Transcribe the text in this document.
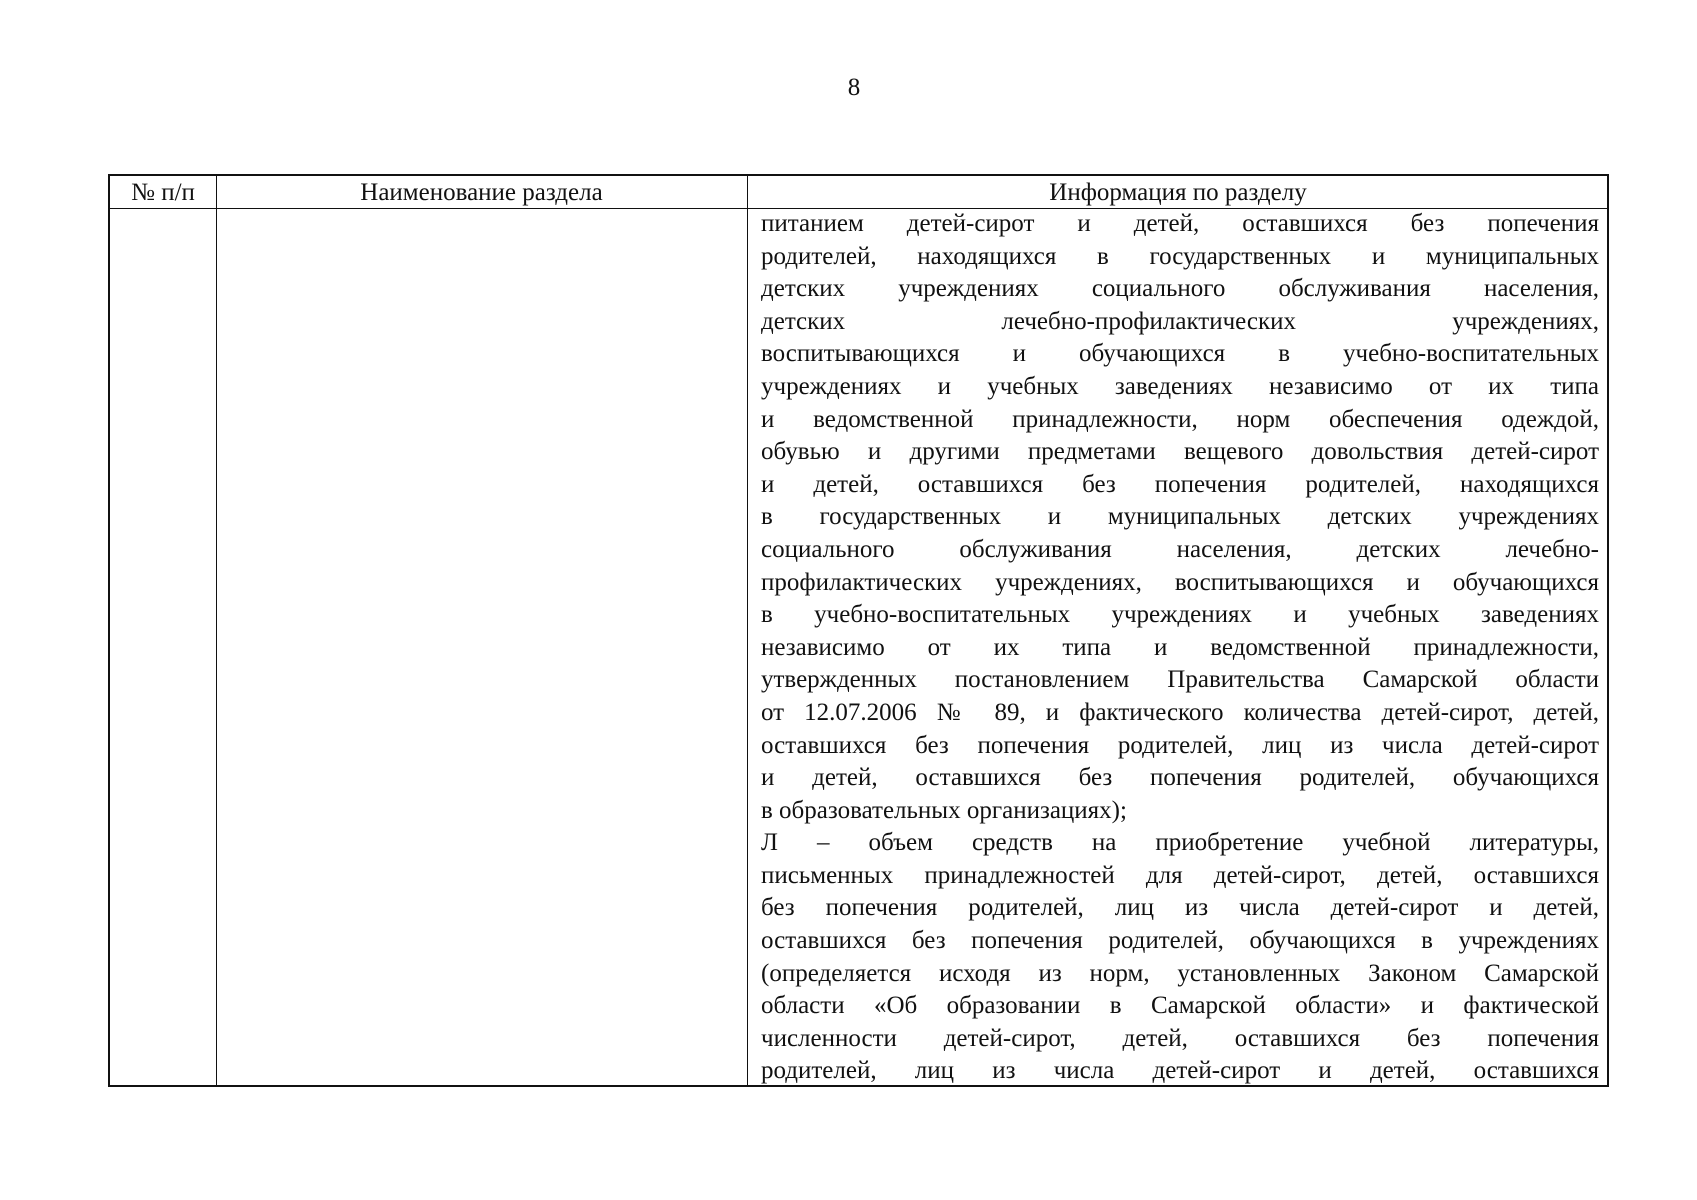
8
№ п/п	Наименование раздела	Информация по разделу
питанием детей-сирот и детей, оставшихся без попечения
родителей, находящихся в государственных и муниципальных
детских учреждениях социального обслуживания населения,
детских лечебно-профилактических учреждениях,
воспитывающихся и обучающихся в учебно-воспитательных
учреждениях и учебных заведениях независимо от их типа
и ведомственной принадлежности, норм обеспечения одеждой,
обувью и другими предметами вещевого довольствия детей-сирот
и детей, оставшихся без попечения родителей, находящихся
в государственных и муниципальных детских учреждениях
социального обслуживания населения, детских лечебно-
профилактических учреждениях, воспитывающихся и обучающихся
в учебно-воспитательных учреждениях и учебных заведениях
независимо от их типа и ведомственной принадлежности,
утвержденных постановлением Правительства Самарской области
от 12.07.2006 № 89, и фактического количества детей-сирот, детей,
оставшихся без попечения родителей, лиц из числа детей-сирот
и детей, оставшихся без попечения родителей, обучающихся
в образовательных организациях);
Л – объем средств на приобретение учебной литературы,
письменных принадлежностей для детей-сирот, детей, оставшихся
без попечения родителей, лиц из числа детей-сирот и детей,
оставшихся без попечения родителей, обучающихся в учреждениях
(определяется исходя из норм, установленных Законом Самарской
области «Об образовании в Самарской области» и фактической
численности детей-сирот, детей, оставшихся без попечения
родителей, лиц из числа детей-сирот и детей, оставшихся
